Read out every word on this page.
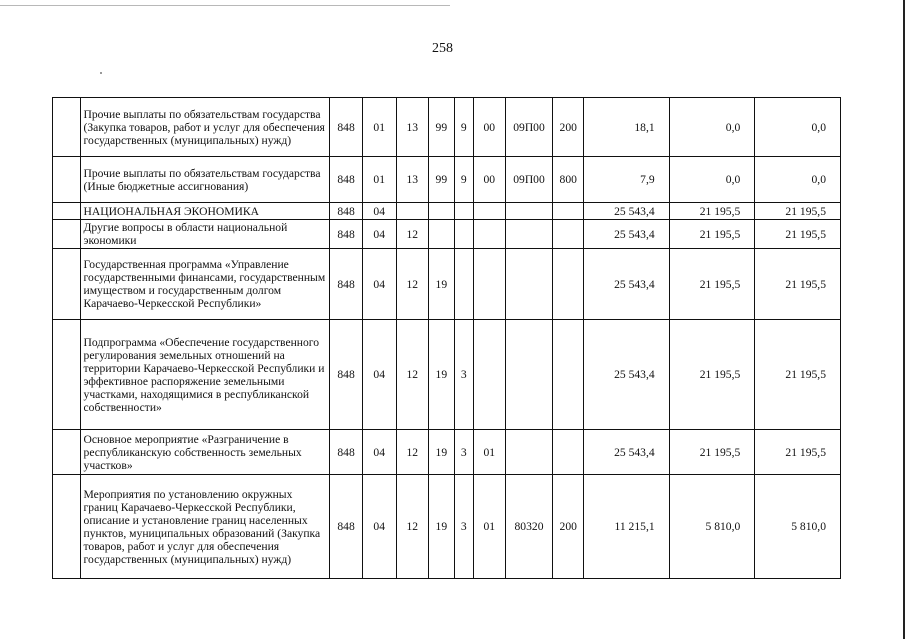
258
	Прочие выплаты по обязательствам государства (Закупка товаров, работ и услуг для обеспечения государственных (муниципальных) нужд)	848	01	13	99	9	00	09П00	200	18,1	0,0	0,0
	Прочие выплаты по обязательствам государства (Иные бюджетные ассигнования)	848	01	13	99	9	00	09П00	800	7,9	0,0	0,0
	НАЦИОНАЛЬНАЯ ЭКОНОМИКА	848	04							25 543,4	21 195,5	21 195,5
	Другие вопросы в области национальной экономики	848	04	12						25 543,4	21 195,5	21 195,5
	Государственная программа «Управление государственными финансами, государственным имуществом и государственным долгом Карачаево-Черкесской Республики»	848	04	12	19					25 543,4	21 195,5	21 195,5
	Подпрограмма «Обеспечение государственного регулирования земельных отношений на территории Карачаево-Черкесской Республики и эффективное распоряжение земельными участками, находящимися в республиканской собственности»	848	04	12	19	3				25 543,4	21 195,5	21 195,5
	Основное мероприятие «Разграничение в республиканскую собственность земельных участков»	848	04	12	19	3	01			25 543,4	21 195,5	21 195,5
	Мероприятия по установлению окружных границ Карачаево-Черкесской Республики, описание и установление границ населенных пунктов, муниципальных образований (Закупка товаров, работ и услуг для обеспечения государственных (муниципальных) нужд)	848	04	12	19	3	01	80320	200	11 215,1	5 810,0	5 810,0
